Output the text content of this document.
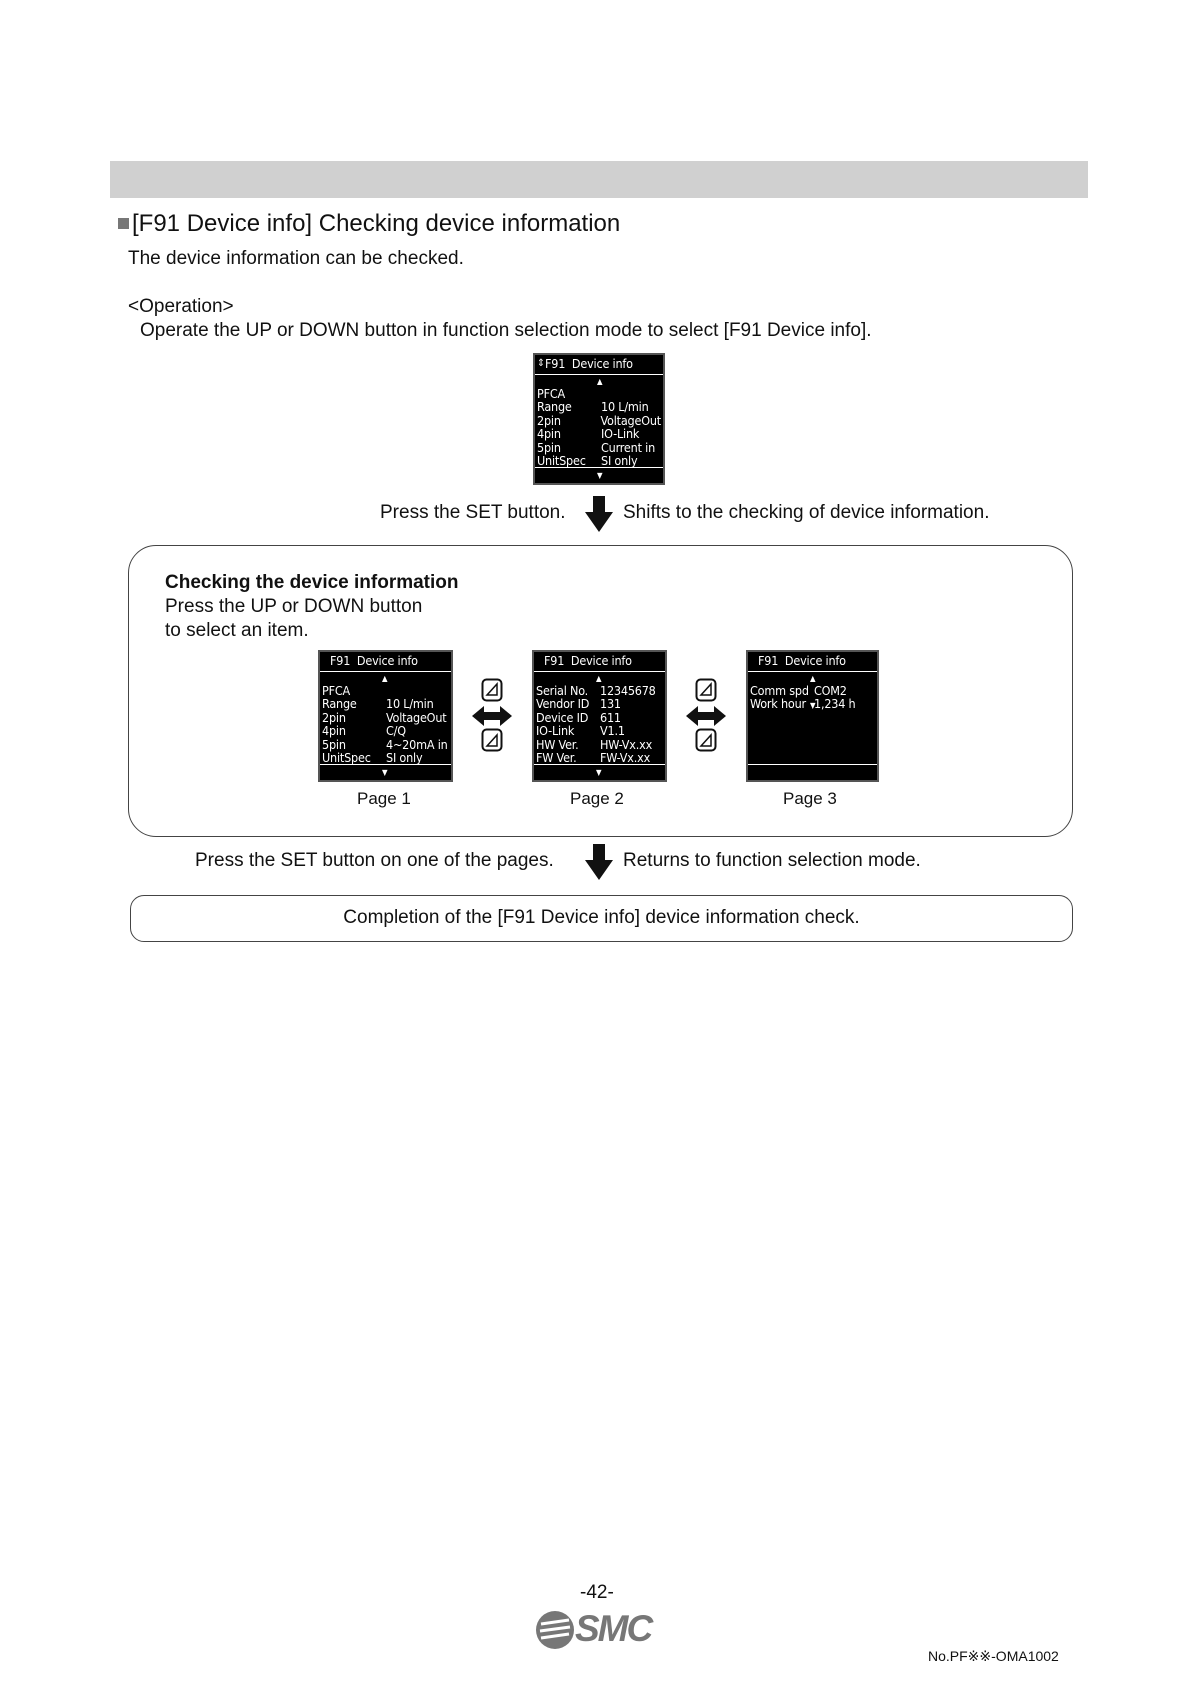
[F91 Device info] Checking device information
The device information can be checked.
<Operation>
Operate the UP or DOWN button in function selection mode to select [F91 Device info].
⇕ F91  Device info
▲
PFCA
Range	10 L/min
2pin	VoltageOut
4pin	IO-Link
5pin	Current in
UnitSpec	SI only
▼
Press the SET button.	Shifts to the checking of device information.
Checking the device information
Press the UP or DOWN button
to select an item.
F91  Device info
▲
PFCA
Range	10 L/min
2pin	VoltageOut
4pin	C/Q
5pin	4~20mA in
UnitSpec	SI only
▼
F91  Device info
▲
Serial No. 12345678
Vendor ID 131
Device ID 611
IO-Link	V1.1
HW Ver.	HW-Vx.xx
FW Ver.	FW-Vx.xx
▼
F91  Device info
▲
Comm spd COM2
Work hour 1,234 h
▼
Page 1	Page 2	Page 3
Press the SET button on one of the pages.	Returns to function selection mode.
Completion of the [F91 Device info] device information check.
-42-
SMC
No.PF※※-OMA1002
